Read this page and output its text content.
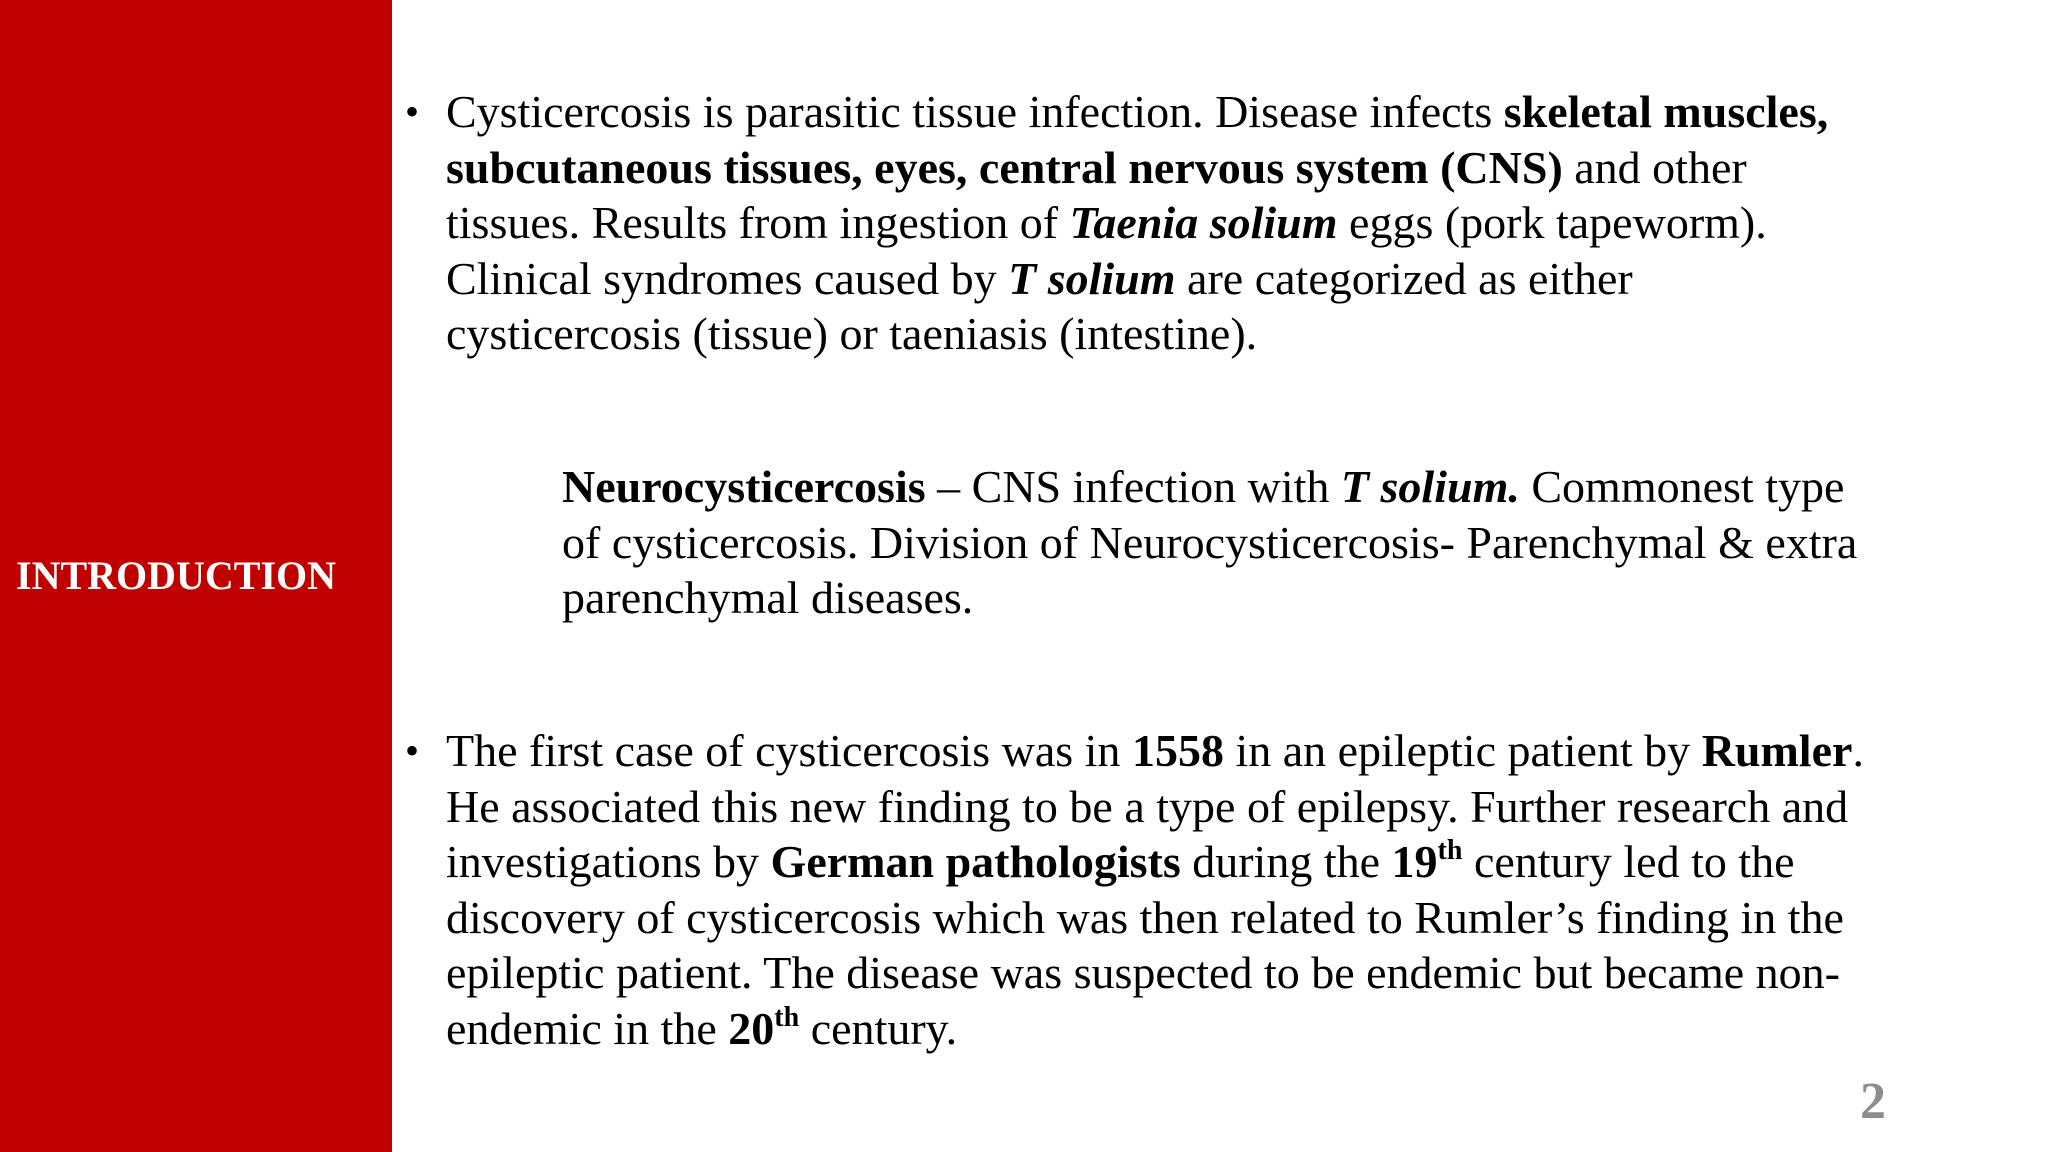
INTRODUCTION
• Cysticercosis is parasitic tissue infection. Disease infects skeletal muscles,
subcutaneous tissues, eyes, central nervous system (CNS) and other
tissues. Results from ingestion of Taenia solium eggs (pork tapeworm).
Clinical syndromes caused by T solium are categorized as either
cysticercosis (tissue) or taeniasis (intestine).
Neurocysticercosis – CNS infection with T solium. Commonest type
of cysticercosis. Division of Neurocysticercosis- Parenchymal & extra
parenchymal diseases.
• The first case of cysticercosis was in 1558 in an epileptic patient by Rumler.
He associated this new finding to be a type of epilepsy. Further research and
investigations by German pathologists during the 19th century led to the
discovery of cysticercosis which was then related to Rumler’s finding in the
epileptic patient. The disease was suspected to be endemic but became non-
endemic in the 20th century.
2
